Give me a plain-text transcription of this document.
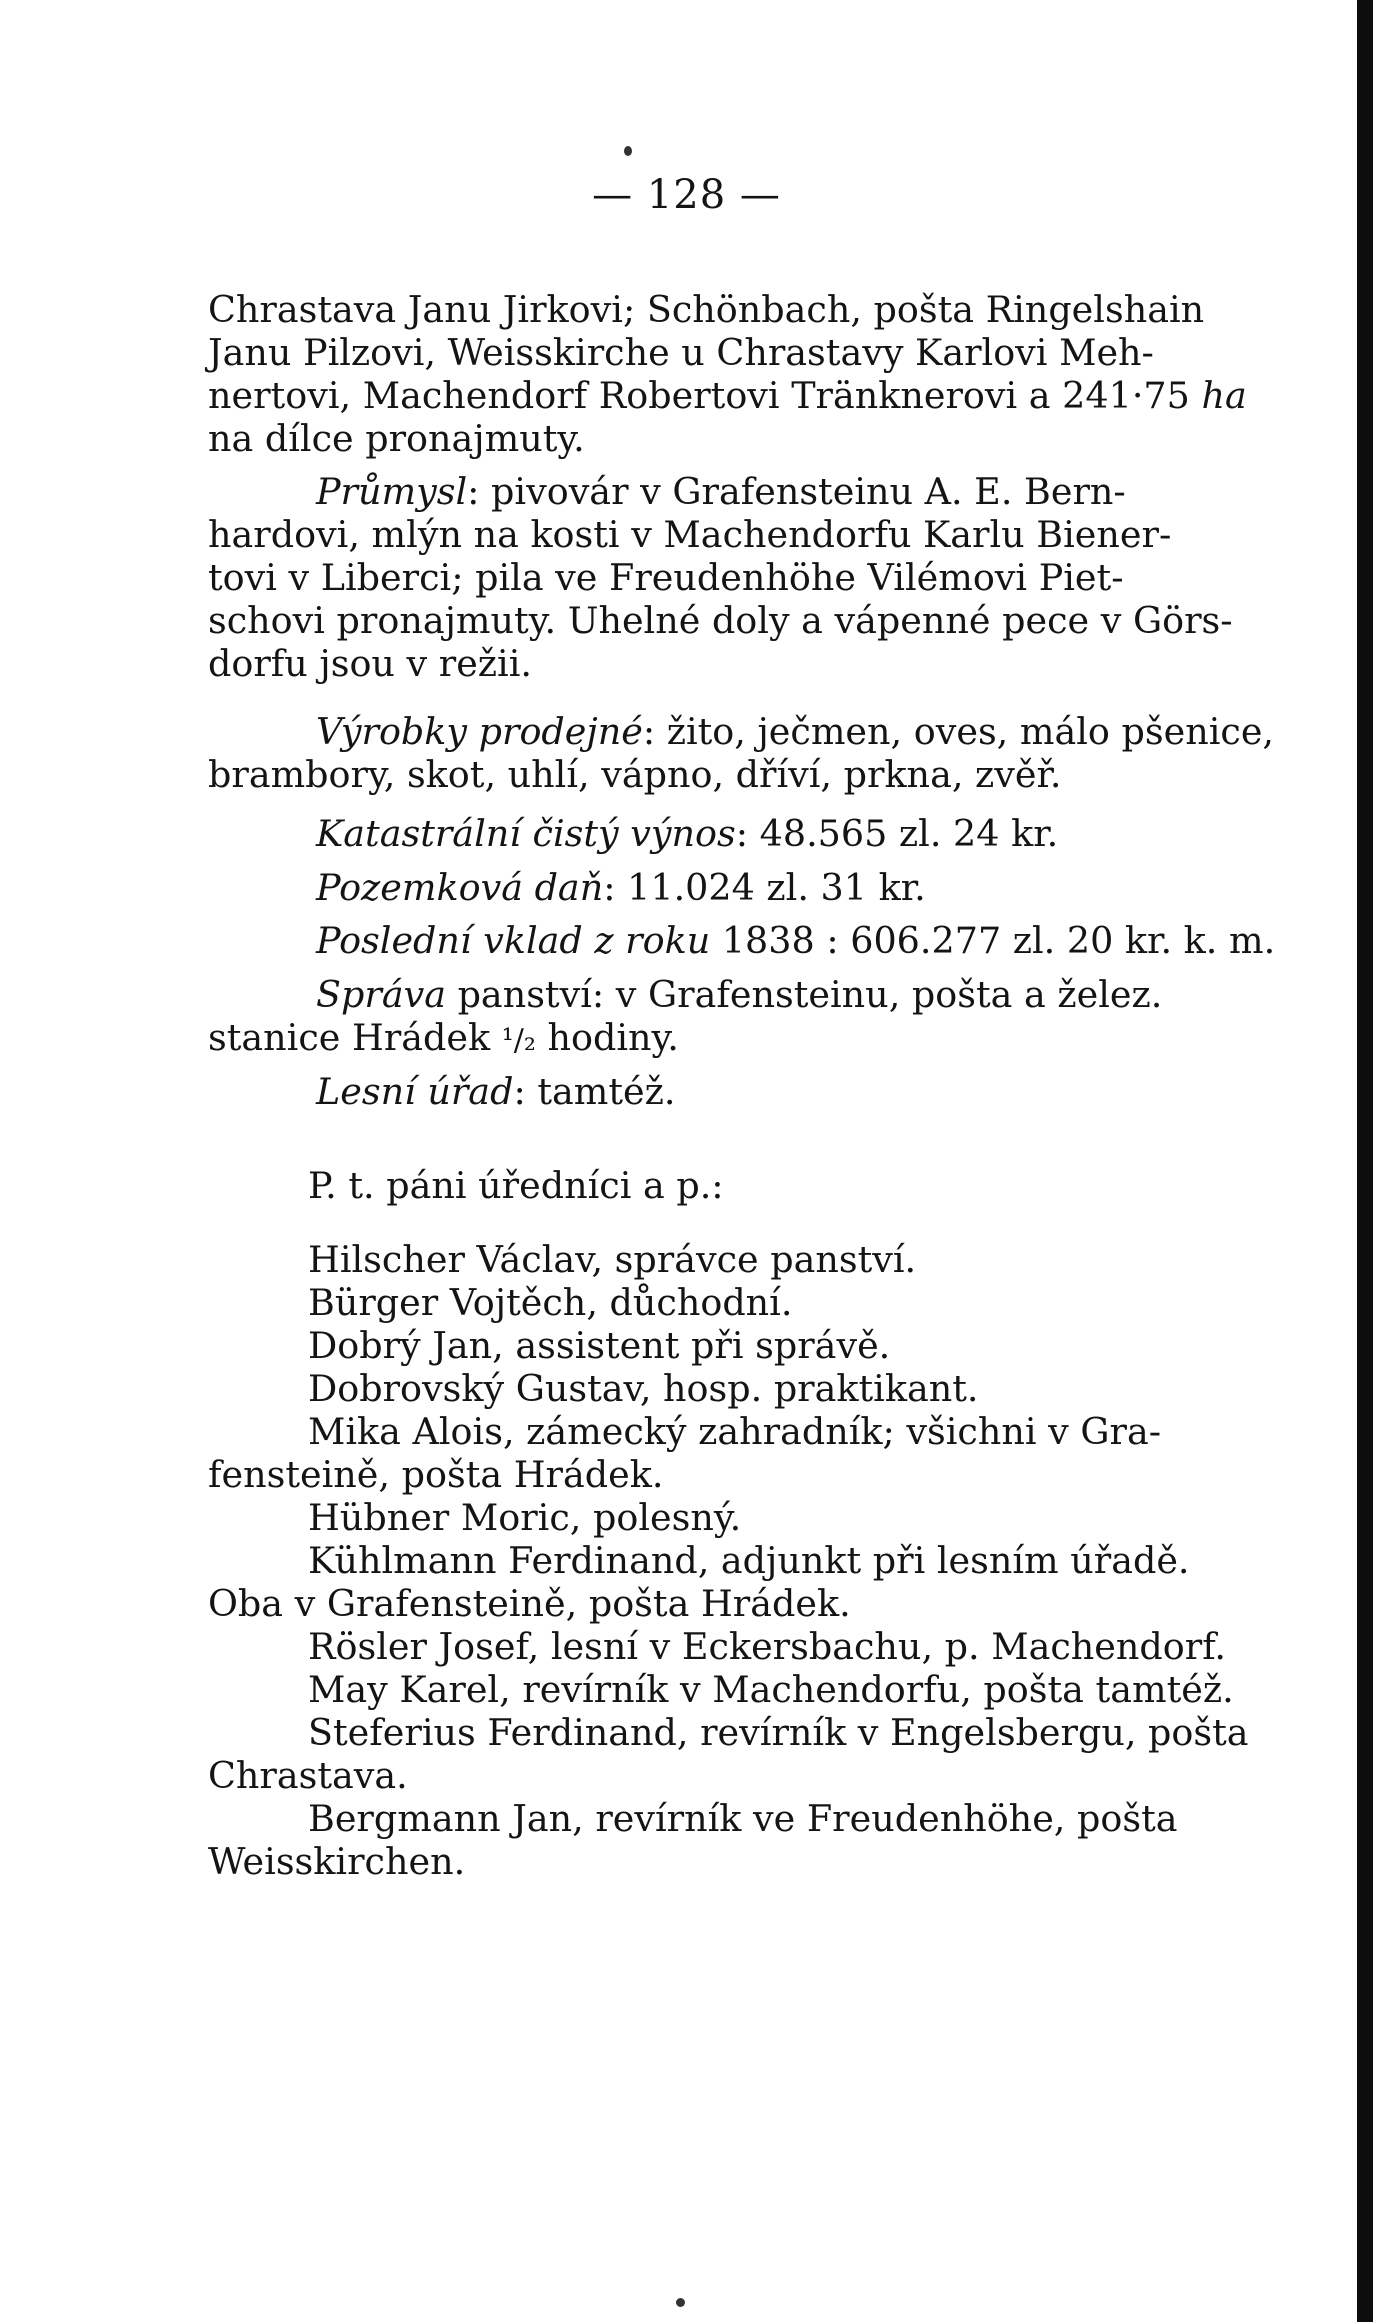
— 128 —
Chrastava Janu Jirkovi; Schönbach, pošta Ringelshain
Janu Pilzovi, Weisskirche u Chrastavy Karlovi Meh-
nertovi, Machendorf Robertovi Tränknerovi a 241·75 ha
na dílce pronajmuty.
Průmysl: pivovár v Grafensteinu A. E. Bern-
hardovi, mlýn na kosti v Machendorfu Karlu Biener-
tovi v Liberci; pila ve Freudenhöhe Vilémovi Piet-
schovi pronajmuty. Uhelné doly a vápenné pece v Görs-
dorfu jsou v režii.
Výrobky prodejné: žito, ječmen, oves, málo pšenice,
brambory, skot, uhlí, vápno, dříví, prkna, zvěř.
Katastrální čistý výnos: 48.565 zl. 24 kr.
Pozemková daň: 11.024 zl. 31 kr.
Poslední vklad z roku 1838 : 606.277 zl. 20 kr. k. m.
Správa panství: v Grafensteinu, pošta a želez.
stanice Hrádek ¹/₂ hodiny.
Lesní úřad: tamtéž.
P. t. páni úředníci a p.:
Hilscher Václav, správce panství.
Bürger Vojtěch, důchodní.
Dobrý Jan, assistent při správě.
Dobrovský Gustav, hosp. praktikant.
Mika Alois, zámecký zahradník; všichni v Gra-
fensteině, pošta Hrádek.
Hübner Moric, polesný.
Kühlmann Ferdinand, adjunkt při lesním úřadě.
Oba v Grafensteině, pošta Hrádek.
Rösler Josef, lesní v Eckersbachu, p. Machendorf.
May Karel, revírník v Machendorfu, pošta tamtéž.
Steferius Ferdinand, revírník v Engelsbergu, pošta
Chrastava.
Bergmann Jan, revírník ve Freudenhöhe, pošta
Weisskirchen.
